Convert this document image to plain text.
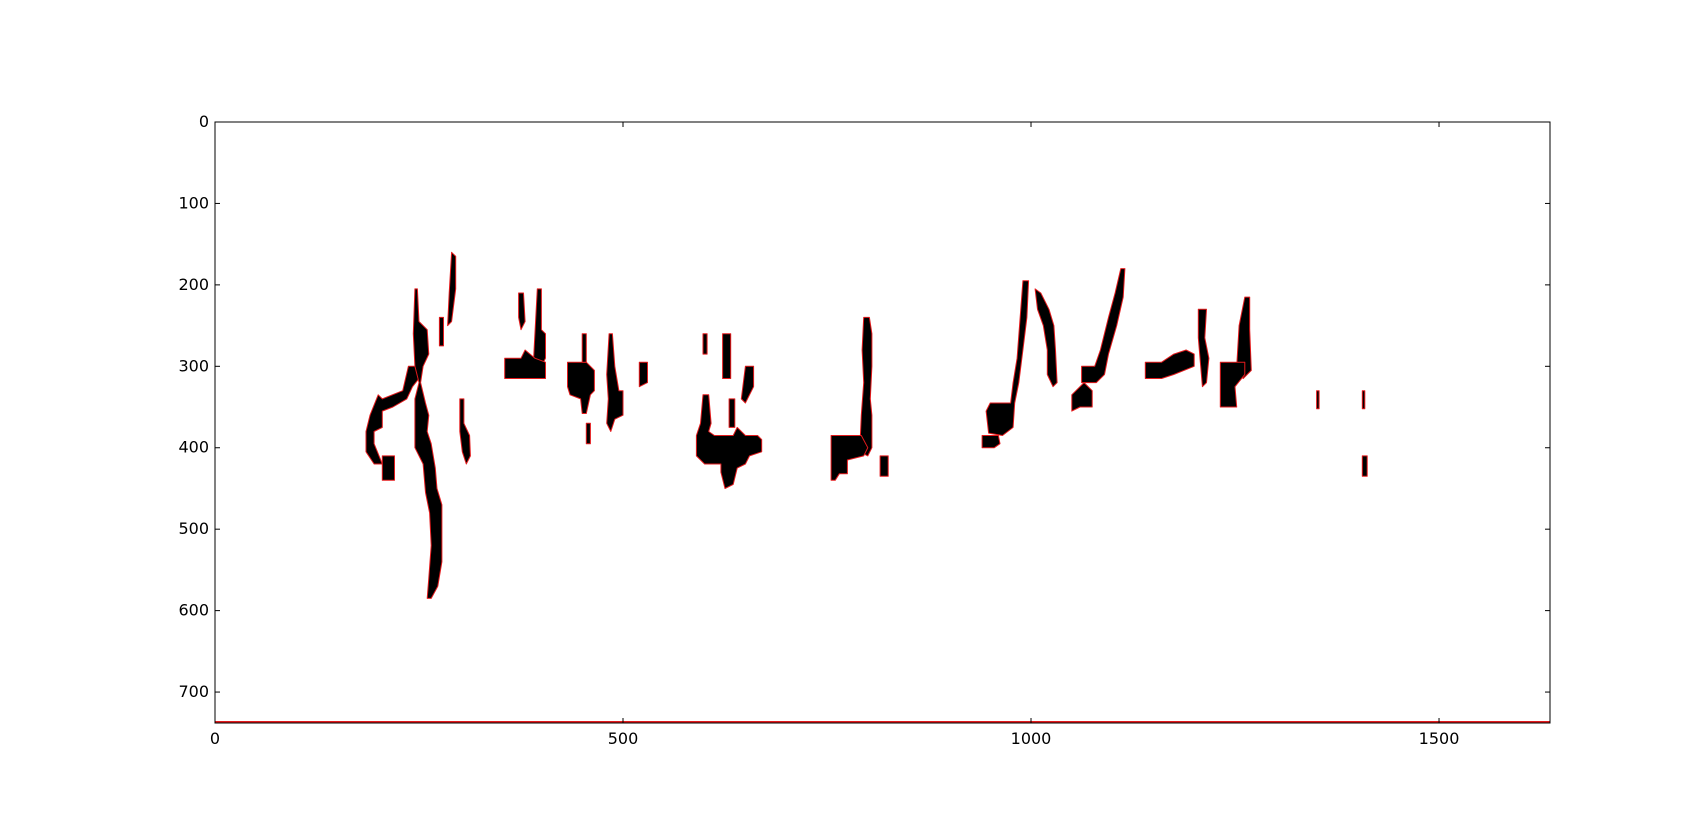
0	500	1000	1500
0
100
200
300
400
500
600
700
